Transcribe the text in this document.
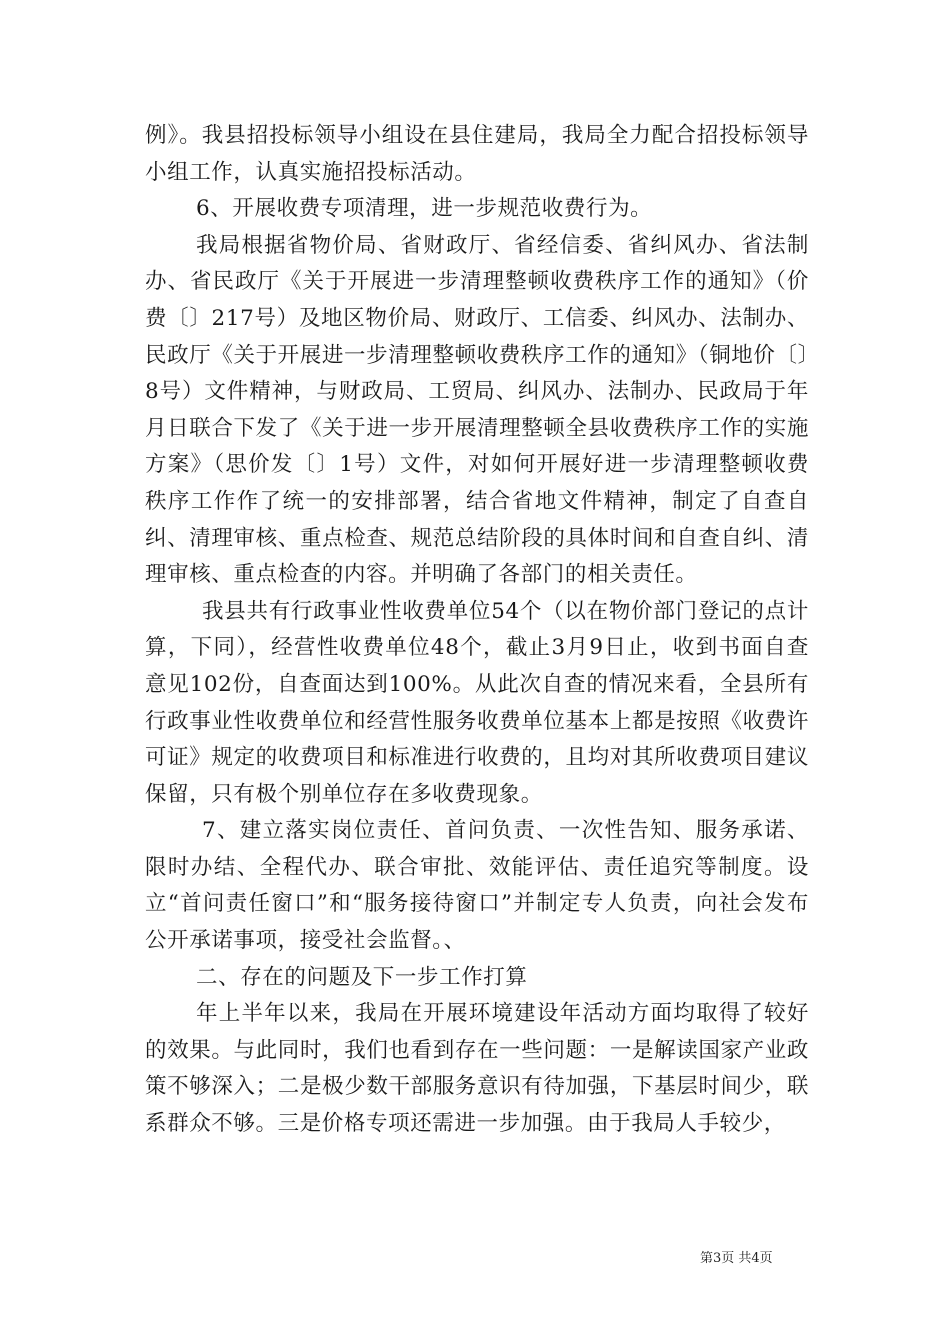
例》。我县招投标领导小组设在县住建局，我局全力配合招投标领导小组工作，认真实施招投标活动。

6、开展收费专项清理，进一步规范收费行为。

我局根据省物价局、省财政厅、省经信委、省纠风办、省法制办、省民政厅《关于开展进一步清理整顿收费秩序工作的通知》（价费〔〕217号）及地区物价局、财政厅、工信委、纠风办、法制办、民政厅《关于开展进一步清理整顿收费秩序工作的通知》（铜地价〔〕8号）文件精神，与财政局、工贸局、纠风办、法制办、民政局于年月日联合下发了《关于进一步开展清理整顿全县收费秩序工作的实施方案》（思价发〔〕1号）文件，对如何开展好进一步清理整顿收费秩序工作作了统一的安排部署，结合省地文件精神，制定了自查自纠、清理审核、重点检查、规范总结阶段的具体时间和自查自纠、清理审核、重点检查的内容。并明确了各部门的相关责任。

我县共有行政事业性收费单位54个（以在物价部门登记的点计算，下同），经营性收费单位48个，截止3月9日止，收到书面自查意见102份，自查面达到100%。从此次自查的情况来看，全县所有行政事业性收费单位和经营性服务收费单位基本上都是按照《收费许可证》规定的收费项目和标准进行收费的，且均对其所收费项目建议保留，只有极个别单位存在多收费现象。

7、建立落实岗位责任、首问负责、一次性告知、服务承诺、限时办结、全程代办、联合审批、效能评估、责任追究等制度。设立“首问责任窗口”和“服务接待窗口”并制定专人负责，向社会发布公开承诺事项，接受社会监督。、

二、存在的问题及下一步工作打算

年上半年以来，我局在开展环境建设年活动方面均取得了较好的效果。与此同时，我们也看到存在一些问题：一是解读国家产业政策不够深入；二是极少数干部服务意识有待加强，下基层时间少，联系群众不够。三是价格专项还需进一步加强。由于我局人手较少，

第3页 共4页
